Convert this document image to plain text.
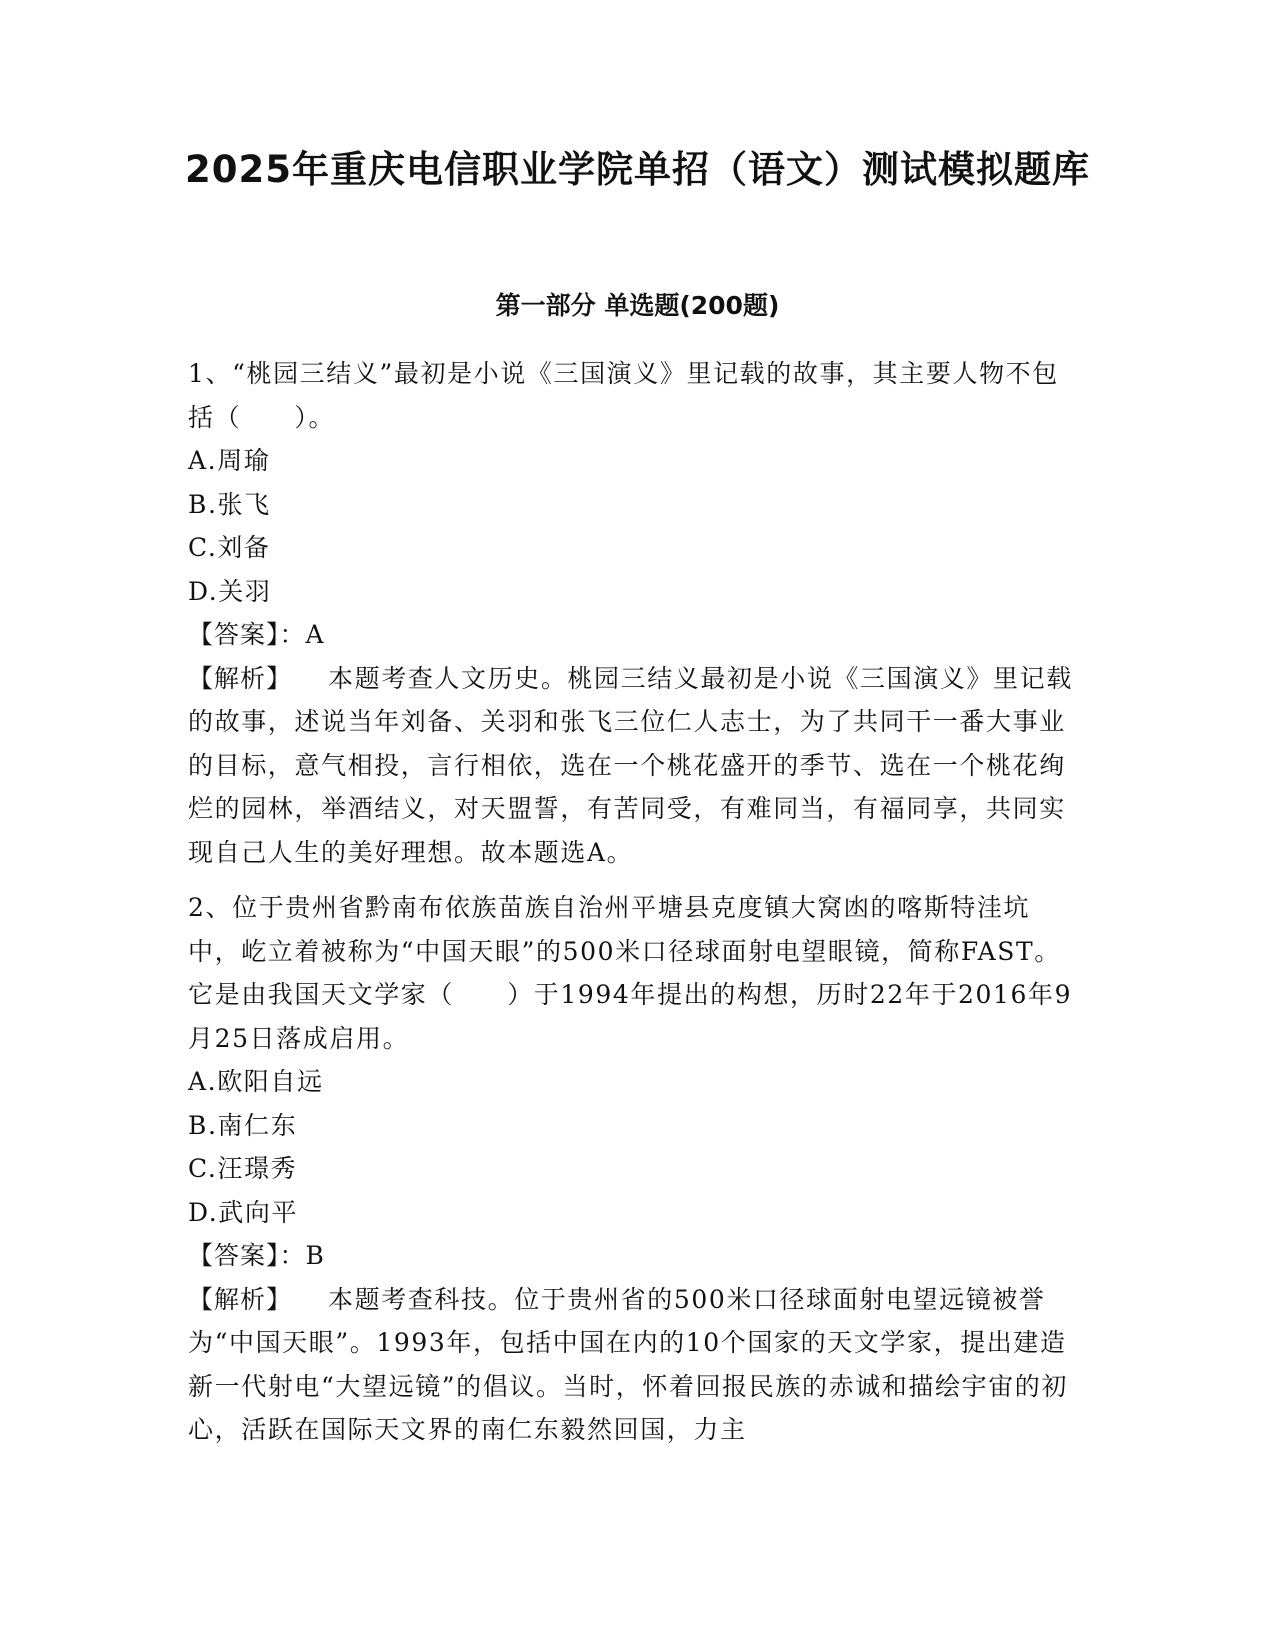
2025年重庆电信职业学院单招（语文）测试模拟题库
第一部分 单选题(200题)

1、“桃园三结义”最初是小说《三国演义》里记载的故事，其主要人物不包括（　　）。

A.周瑜

B.张飞

C.刘备

D.关羽

【答案】：A

【解析】 本题考查人文历史。桃园三结义最初是小说《三国演义》里记载的故事，述说当年刘备、关羽和张飞三位仁人志士，为了共同干一番大事业的目标，意气相投，言行相依，选在一个桃花盛开的季节、选在一个桃花绚烂的园林，举酒结义，对天盟誓，有苦同受，有难同当，有福同享，共同实现自己人生的美好理想。故本题选A。

2、位于贵州省黔南布依族苗族自治州平塘县克度镇大窝凼的喀斯特洼坑中，屹立着被称为“中国天眼”的500米口径球面射电望眼镜，简称FAST。它是由我国天文学家（　　）于1994年提出的构想，历时22年于2016年9月25日落成启用。

A.欧阳自远

B.南仁东

C.汪璟秀

D.武向平

【答案】：B

【解析】 本题考查科技。位于贵州省的500米口径球面射电望远镜被誉为“中国天眼”。1993年，包括中国在内的10个国家的天文学家，提出建造新一代射电“大望远镜”的倡议。当时，怀着回报民族的赤诚和描绘宇宙的初心，活跃在国际天文界的南仁东毅然回国，力主
